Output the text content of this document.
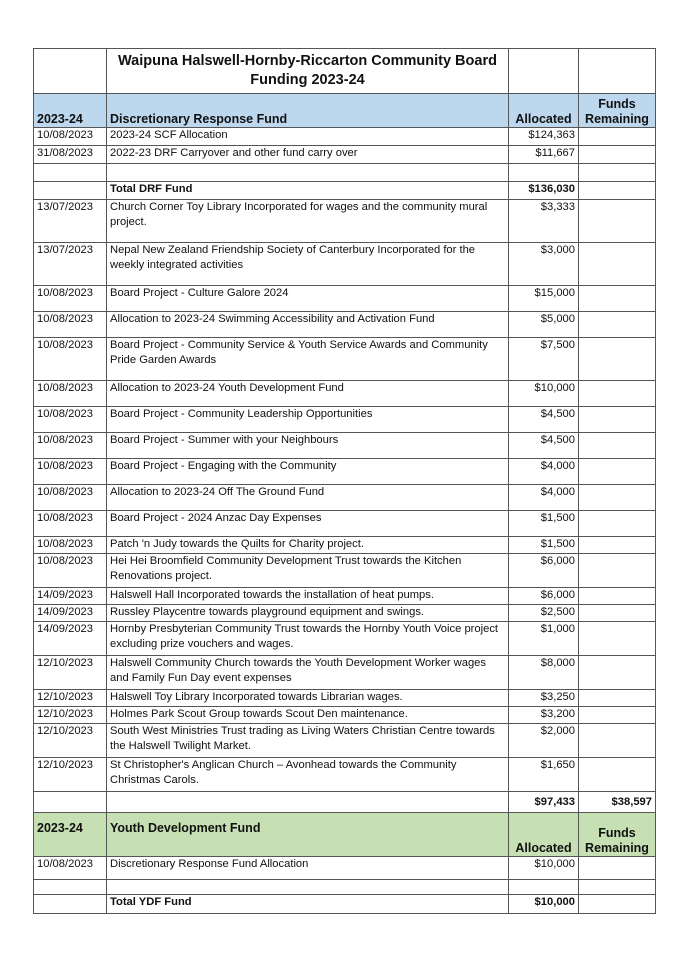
	Waipuna Halswell-Hornby-Riccarton Community Board
Funding 2023-24		
2023-24	Discretionary Response Fund	Allocated	Funds Remaining
10/08/2023	2023-24 SCF Allocation	$124,363	
31/08/2023	2022-23 DRF Carryover and other fund carry over	$11,667	

	Total DRF Fund	$136,030	
13/07/2023	Church Corner Toy Library Incorporated for wages and the community mural project.	$3,333	
13/07/2023	Nepal New Zealand Friendship Society of Canterbury Incorporated for the weekly integrated activities	$3,000	
10/08/2023	Board Project - Culture Galore 2024	$15,000	
10/08/2023	Allocation to 2023-24 Swimming Accessibility and Activation Fund	$5,000	
10/08/2023	Board Project - Community Service & Youth Service Awards and Community Pride Garden Awards	$7,500	
10/08/2023	Allocation to 2023-24 Youth Development Fund	$10,000	
10/08/2023	Board Project - Community Leadership Opportunities	$4,500	
10/08/2023	Board Project - Summer with your Neighbours	$4,500	
10/08/2023	Board Project - Engaging with the Community	$4,000	
10/08/2023	Allocation to 2023-24 Off The Ground Fund	$4,000	
10/08/2023	Board Project - 2024 Anzac Day Expenses	$1,500	
10/08/2023	Patch 'n Judy towards the Quilts for Charity project.	$1,500	
10/08/2023	Hei Hei Broomfield Community Development Trust towards the Kitchen Renovations project.	$6,000	
14/09/2023	Halswell Hall Incorporated towards the installation of heat pumps.	$6,000	
14/09/2023	Russley Playcentre towards playground equipment and swings.	$2,500	
14/09/2023	Hornby Presbyterian Community Trust towards the Hornby Youth Voice project excluding prize vouchers and wages.	$1,000	
12/10/2023	Halswell Community Church towards the Youth Development Worker wages and Family Fun Day event expenses	$8,000	
12/10/2023	Halswell Toy Library Incorporated towards Librarian wages.	$3,250	
12/10/2023	Holmes Park Scout Group towards Scout Den maintenance.	$3,200	
12/10/2023	South West Ministries Trust trading as Living Waters Christian Centre towards the Halswell Twilight Market.	$2,000	
12/10/2023	St Christopher's Anglican Church – Avonhead towards the Community Christmas Carols.	$1,650	
		$97,433	$38,597
2023-24	Youth Development Fund	Allocated	Funds Remaining
10/08/2023	Discretionary Response Fund Allocation	$10,000	

	Total YDF Fund	$10,000	
